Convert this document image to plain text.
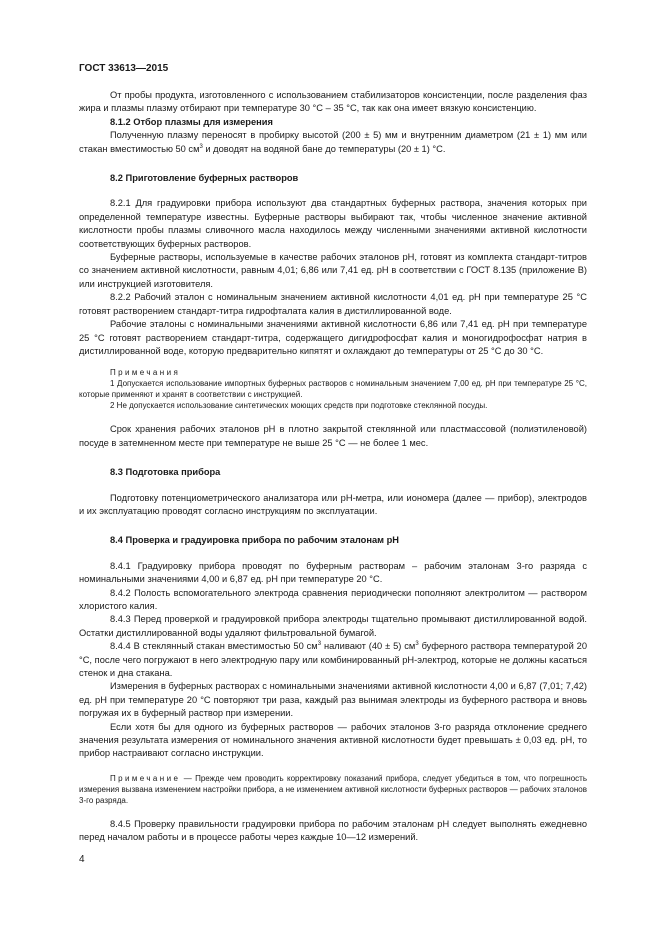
ГОСТ 33613—2015

От пробы продукта, изготовленного с использованием стабилизаторов консистенции, после разделения фаз жира и плазмы плазму отбирают при температуре 30 °С – 35 °С, так как она имеет вязкую консистенцию.

8.1.2 Отбор плазмы для измерения

Полученную плазму переносят в пробирку высотой (200 ± 5) мм и внутренним диаметром (21 ± 1) мм или стакан вместимостью 50 $см^3$ и доводят на водяной бане до температуры (20 ± 1) °С.

8.2 Приготовление буферных растворов

8.2.1 Для градуировки прибора используют два стандартных буферных раствора, значения которых при определенной температуре известны. Буферные растворы выбирают так, чтобы численное значение активной кислотности пробы плазмы сливочного масла находилось между численными значениями активной кислотности соответствующих буферных растворов.

Буферные растворы, используемые в качестве рабочих эталонов рН, готовят из комплекта стандарт-титров со значением активной кислотности, равным 4,01; 6,86 или 7,41 ед. рН в соответствии с ГОСТ 8.135 (приложение В) или инструкцией изготовителя.

8.2.2 Рабочий эталон с номинальным значением активной кислотности 4,01 ед. рН при температуре 25 °С готовят растворением стандарт-титра гидрофталата калия в дистиллированной воде.

Рабочие эталоны с номинальными значениями активной кислотности 6,86 или 7,41 ед. рН при температуре 25 °С готовят растворением стандарт-титра, содержащего дигидрофосфат калия и моногидрофосфат натрия в дистиллированной воде, которую предварительно кипятят и охлаждают до температуры от 25 °С до 30 °С.

Примечания
1 Допускается использование импортных буферных растворов с номинальным значением 7,00 ед. рН при температуре 25 °С, которые применяют и хранят в соответствии с инструкцией.
2 Не допускается использование синтетических моющих средств при подготовке стеклянной посуды.

Срок хранения рабочих эталонов рН в плотно закрытой стеклянной или пластмассовой (полиэтиленовой) посуде в затемненном месте при температуре не выше 25 °С — не более 1 мес.

8.3 Подготовка прибора

Подготовку потенциометрического анализатора или рН-метра, или иономера (далее — прибор), электродов и их эксплуатацию проводят согласно инструкциям по эксплуатации.

8.4 Проверка и градуировка прибора по рабочим эталонам рН

8.4.1 Градуировку прибора проводят по буферным растворам – рабочим эталонам 3-го разряда с номинальными значениями 4,00 и 6,87 ед. рН при температуре 20 °С.

8.4.2 Полость вспомогательного электрода сравнения периодически пополняют электролитом — раствором хлористого калия.

8.4.3 Перед проверкой и градуировкой прибора электроды тщательно промывают дистиллированной водой. Остатки дистиллированной воды удаляют фильтровальной бумагой.

8.4.4 В стеклянный стакан вместимостью 50 $см^3$ наливают (40 ± 5) $см^3$ буферного раствора температурой 20 °С, после чего погружают в него электродную пару или комбинированный рН-электрод, которые не должны касаться стенок и дна стакана.

Измерения в буферных растворах с номинальными значениями активной кислотности 4,00 и 6,87 (7,01; 7,42) ед. рН при температуре 20 °С повторяют три раза, каждый раз вынимая электроды из буферного раствора и вновь погружая их в буферный раствор при измерении.

Если хотя бы для одного из буферных растворов — рабочих эталонов 3-го разряда отклонение среднего значения результата измерения от номинального значения активной кислотности будет превышать ± 0,03 ед. рН, то прибор настраивают согласно инструкции.

Примечание — Прежде чем проводить корректировку показаний прибора, следует убедиться в том, что погрешность измерения вызвана изменением настройки прибора, а не изменением активной кислотности буферных растворов — рабочих эталонов 3-го разряда.

8.4.5 Проверку правильности градуировки прибора по рабочим эталонам рН следует выполнять ежедневно перед началом работы и в процессе работы через каждые 10—12 измерений.

4
